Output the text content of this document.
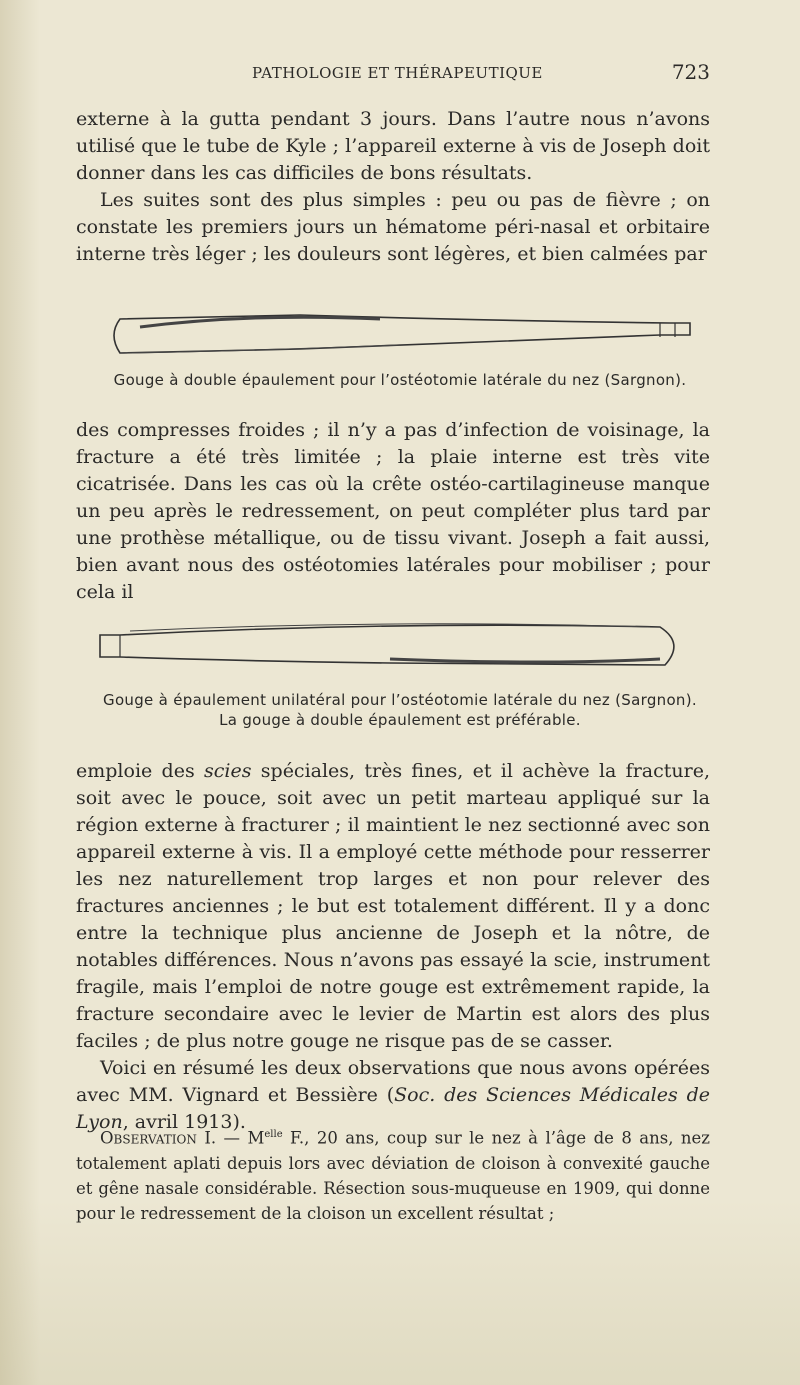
PATHOLOGIE ET THÉRAPEUTIQUE	723

externe à la gutta pendant 3 jours. Dans l’autre nous n’avons utilisé que le tube de Kyle ; l’appareil externe à vis de Joseph doit donner dans les cas difficiles de bons résultats.

Les suites sont des plus simples : peu ou pas de fièvre ; on constate les premiers jours un hématome péri-nasal et orbitaire interne très léger ; les douleurs sont légères, et bien calmées par

Gouge à double épaulement pour l’ostéotomie latérale du nez (Sargnon).

des compresses froides ; il n’y a pas d’infection de voisinage, la fracture a été très limitée ; la plaie interne est très vite cicatrisée. Dans les cas où la crête ostéo-cartilagineuse manque un peu après le redressement, on peut compléter plus tard par une prothèse métallique, ou de tissu vivant. Joseph a fait aussi, bien avant nous des ostéotomies latérales pour mobiliser ; pour cela il

Gouge à épaulement unilatéral pour l’ostéotomie latérale du nez (Sargnon).
La gouge à double épaulement est préférable.

emploie des scies spéciales, très fines, et il achève la fracture, soit avec le pouce, soit avec un petit marteau appliqué sur la région externe à fracturer ; il maintient le nez sectionné avec son appareil externe à vis. Il a employé cette méthode pour resserrer les nez naturellement trop larges et non pour relever des fractures anciennes ; le but est totalement différent. Il y a donc entre la technique plus ancienne de Joseph et la nôtre, de notables différences. Nous n’avons pas essayé la scie, instrument fragile, mais l’emploi de notre gouge est extrêmement rapide, la fracture secondaire avec le levier de Martin est alors des plus faciles ; de plus notre gouge ne risque pas de se casser.

Voici en résumé les deux observations que nous avons opérées avec MM. Vignard et Bessière (Soc. des Sciences Médicales de Lyon, avril 1913).

Observation I. — $M^{elle}$ F., 20 ans, coup sur le nez à l’âge de 8 ans, nez totalement aplati depuis lors avec déviation de cloison à convexité gauche et gêne nasale considérable. Résection sous-muqueuse en 1909, qui donne pour le redressement de la cloison un excellent résultat ;
